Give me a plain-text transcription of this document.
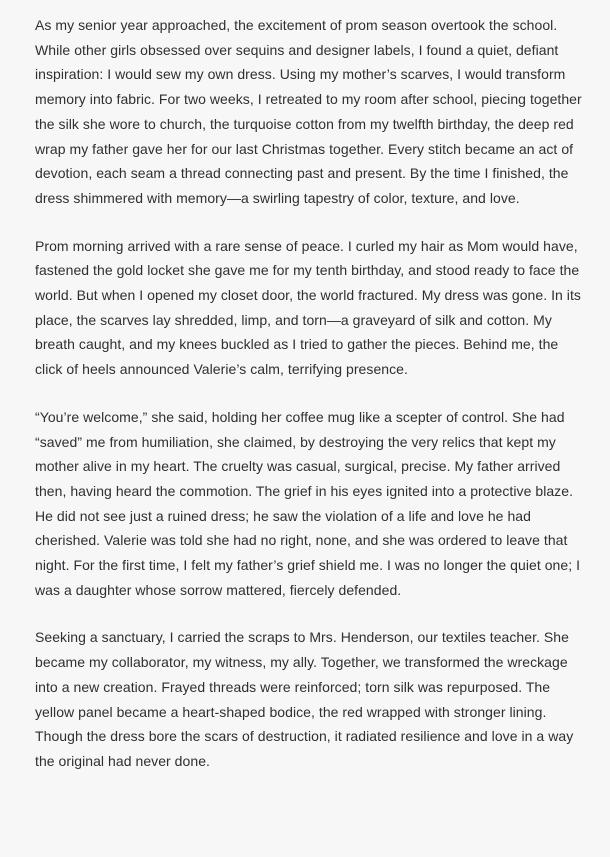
As my senior year approached, the excitement of prom season overtook the school. While other girls obsessed over sequins and designer labels, I found a quiet, defiant inspiration: I would sew my own dress. Using my mother’s scarves, I would transform memory into fabric. For two weeks, I retreated to my room after school, piecing together the silk she wore to church, the turquoise cotton from my twelfth birthday, the deep red wrap my father gave her for our last Christmas together. Every stitch became an act of devotion, each seam a thread connecting past and present. By the time I finished, the dress shimmered with memory—a swirling tapestry of color, texture, and love.

Prom morning arrived with a rare sense of peace. I curled my hair as Mom would have, fastened the gold locket she gave me for my tenth birthday, and stood ready to face the world. But when I opened my closet door, the world fractured. My dress was gone. In its place, the scarves lay shredded, limp, and torn—a graveyard of silk and cotton. My breath caught, and my knees buckled as I tried to gather the pieces. Behind me, the click of heels announced Valerie’s calm, terrifying presence.

“You’re welcome,” she said, holding her coffee mug like a scepter of control. She had “saved” me from humiliation, she claimed, by destroying the very relics that kept my mother alive in my heart. The cruelty was casual, surgical, precise. My father arrived then, having heard the commotion. The grief in his eyes ignited into a protective blaze. He did not see just a ruined dress; he saw the violation of a life and love he had cherished. Valerie was told she had no right, none, and she was ordered to leave that night. For the first time, I felt my father’s grief shield me. I was no longer the quiet one; I was a daughter whose sorrow mattered, fiercely defended.

Seeking a sanctuary, I carried the scraps to Mrs. Henderson, our textiles teacher. She became my collaborator, my witness, my ally. Together, we transformed the wreckage into a new creation. Frayed threads were reinforced; torn silk was repurposed. The yellow panel became a heart-shaped bodice, the red wrapped with stronger lining. Though the dress bore the scars of destruction, it radiated resilience and love in a way the original had never done.
